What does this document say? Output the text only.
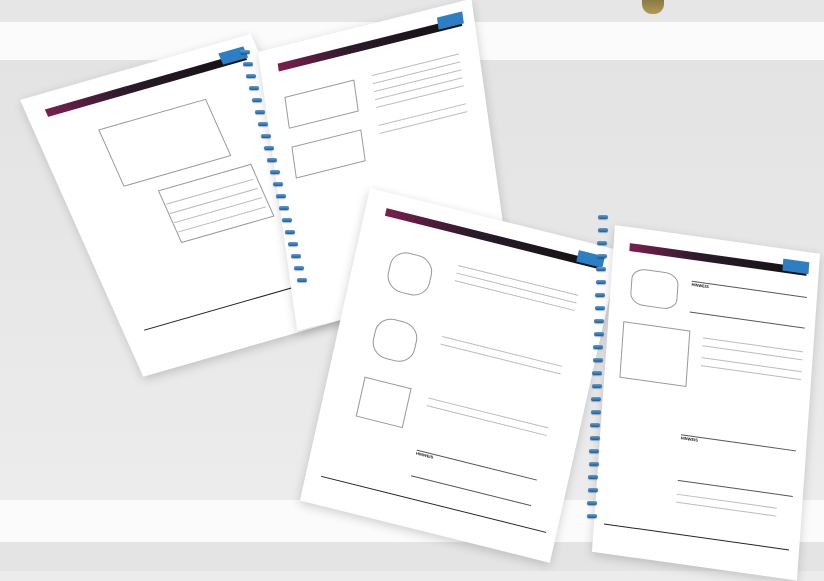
HINWEIS
HINWEIS
HINWEIS
